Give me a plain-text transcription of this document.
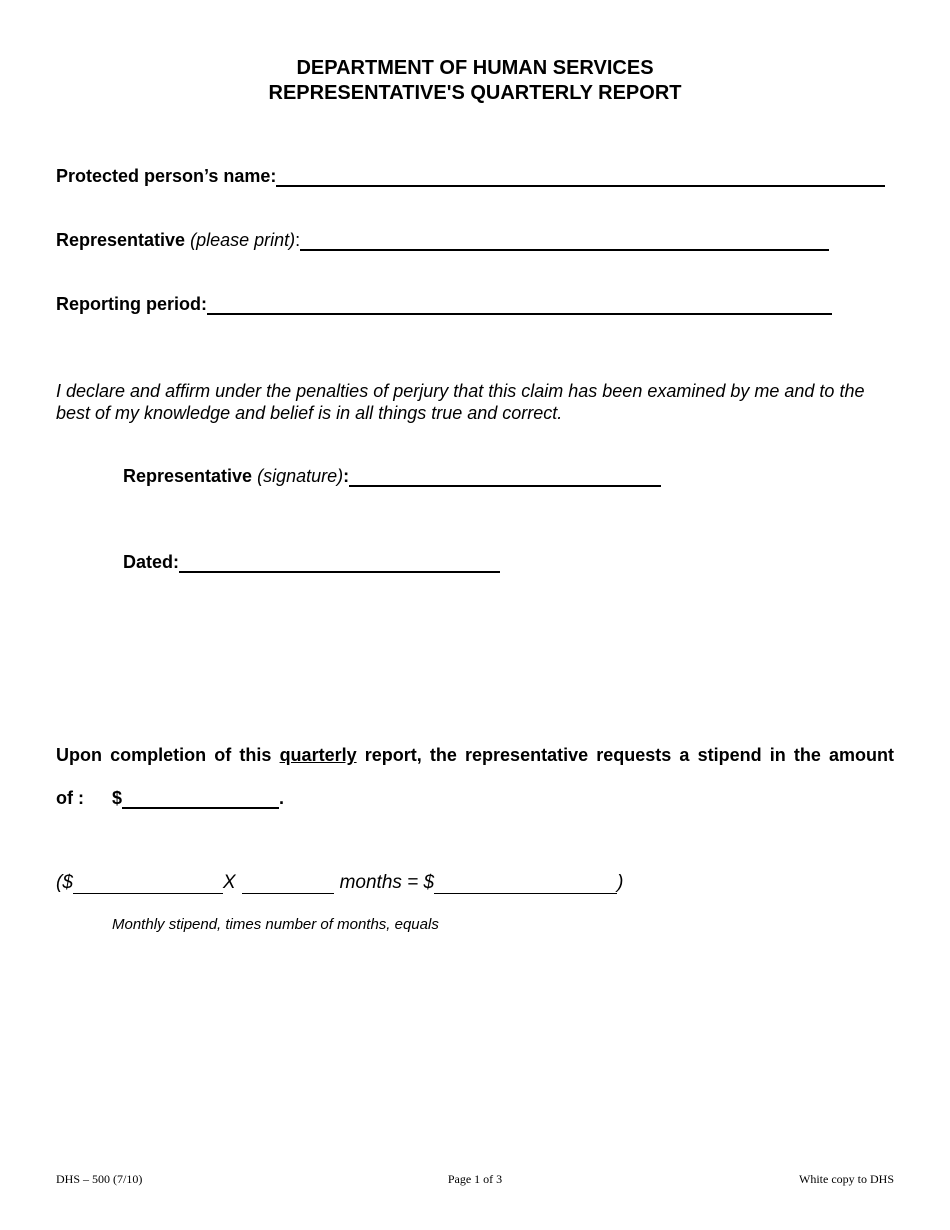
DEPARTMENT OF HUMAN SERVICES
REPRESENTATIVE'S QUARTERLY REPORT
Protected person’s name:
Representative
(please print) :
Reporting period:
I declare and affirm under the penalties of perjury that this claim has been examined by me and to the best of my knowledge and belief is in all things true and correct.
Representative
(signature) :
Dated:
Upon completion of this quarterly report, the representative requests a stipend in the amount
of :	$	.
($	X	months = $	)
Monthly stipend, times number of months, equals
DHS – 500 (7/10)	Page 1 of 3	White copy to DHS
